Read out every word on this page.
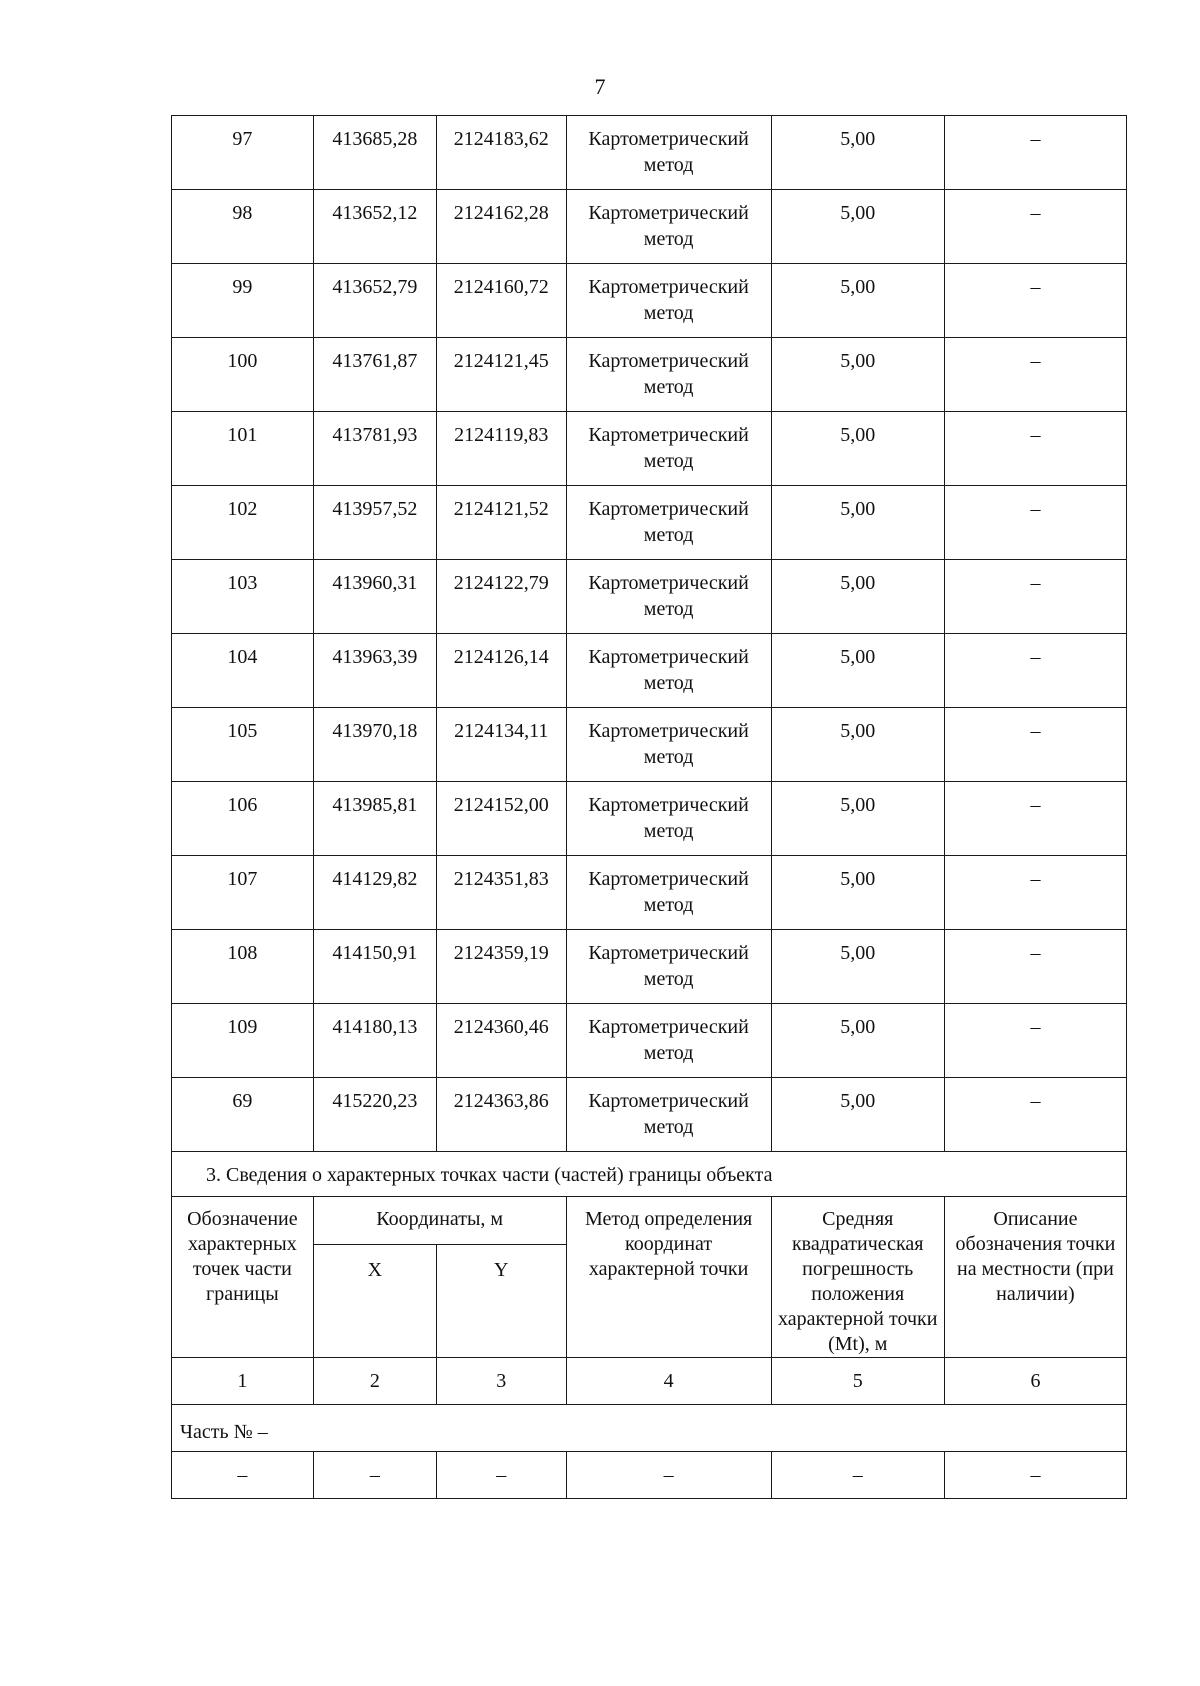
7
97	413685,28	2124183,62	Картометрический метод	5,00	–
98	413652,12	2124162,28	Картометрический метод	5,00	–
99	413652,79	2124160,72	Картометрический метод	5,00	–
100	413761,87	2124121,45	Картометрический метод	5,00	–
101	413781,93	2124119,83	Картометрический метод	5,00	–
102	413957,52	2124121,52	Картометрический метод	5,00	–
103	413960,31	2124122,79	Картометрический метод	5,00	–
104	413963,39	2124126,14	Картометрический метод	5,00	–
105	413970,18	2124134,11	Картометрический метод	5,00	–
106	413985,81	2124152,00	Картометрический метод	5,00	–
107	414129,82	2124351,83	Картометрический метод	5,00	–
108	414150,91	2124359,19	Картометрический метод	5,00	–
109	414180,13	2124360,46	Картометрический метод	5,00	–
69	415220,23	2124363,86	Картометрический метод	5,00	–
3. Сведения о характерных точках части (частей) границы объекта					
Обозначение характерных точек части границы	Координаты, м		Метод определения координат характерной точки	Средняя квадратическая погрешность положения характерной точки (Mt), м	Описание обозначения точки на местности (при наличии)
	X	Y			
1	2	3	4	5	6
Часть № –					
–	–	–	–	–	–
